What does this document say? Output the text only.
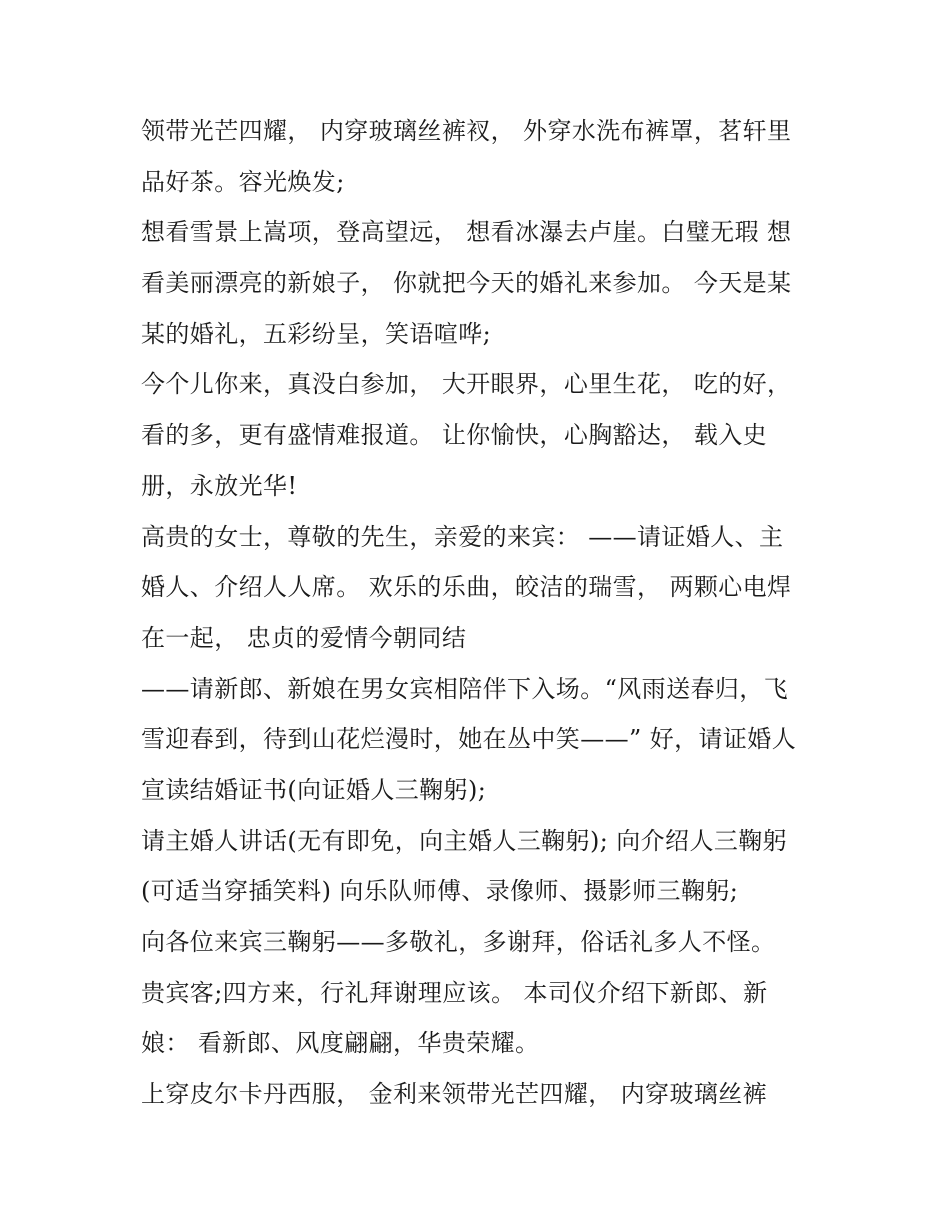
领带光芒四耀， 内穿玻璃丝裤衩， 外穿水洗布裤罩，茗轩里
品好茶。容光焕发;
想看雪景上嵩项，登高望远， 想看冰瀑去卢崖。白璧无瑕 想
看美丽漂亮的新娘子， 你就把今天的婚礼来参加。 今天是某
某的婚礼，五彩纷呈，笑语喧哗;
今个儿你来，真没白参加， 大开眼界，心里生花， 吃的好，
看的多，更有盛情难报道。 让你愉快，心胸豁达， 载入史
册，永放光华!
高贵的女士，尊敬的先生，亲爱的来宾： ——请证婚人、主
婚人、介绍人人席。 欢乐的乐曲，皎洁的瑞雪， 两颗心电焊
在一起， 忠贞的爱情今朝同结
——请新郎、新娘在男女宾相陪伴下入场。“风雨送春归，飞
雪迎春到，待到山花烂漫时，她在丛中笑——” 好，请证婚人
宣读结婚证书(向证婚人三鞠躬);
请主婚人讲话(无有即免，向主婚人三鞠躬); 向介绍人三鞠躬
(可适当穿插笑料) 向乐队师傅、录像师、摄影师三鞠躬;
向各位来宾三鞠躬——多敬礼，多谢拜，俗话礼多人不怪。
贵宾客;四方来，行礼拜谢理应该。 本司仪介绍下新郎、新
娘： 看新郎、风度翩翩，华贵荣耀。
上穿皮尔卡丹西服， 金利来领带光芒四耀， 内穿玻璃丝裤
